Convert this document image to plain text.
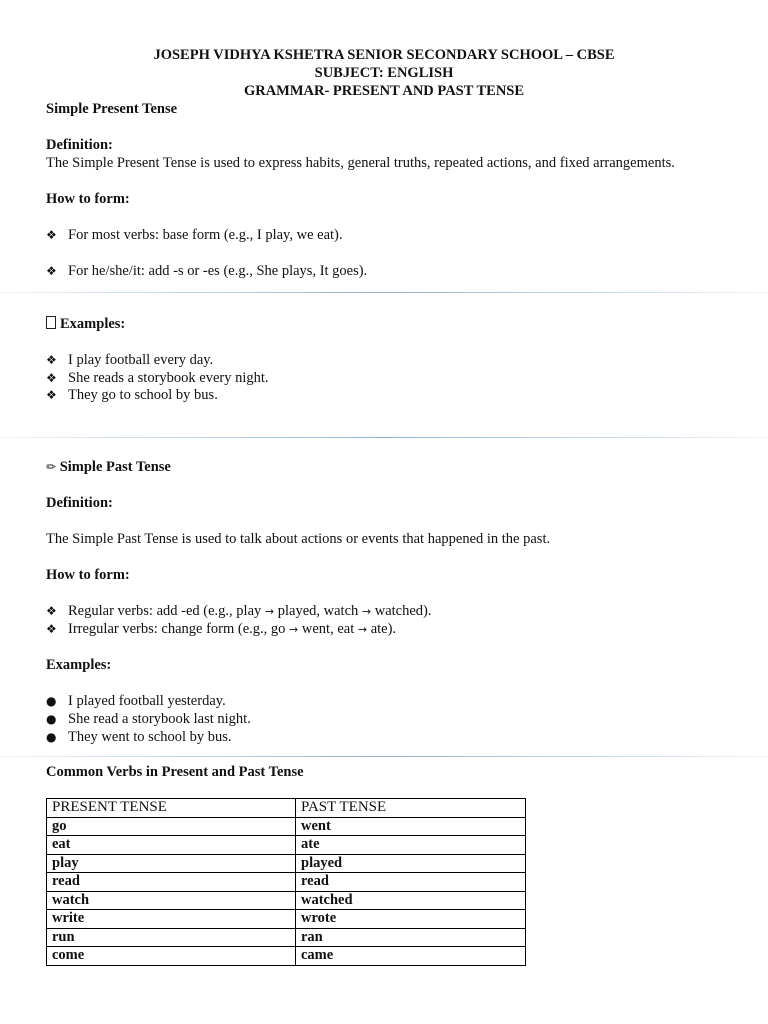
JOSEPH VIDHYA KSHETRA SENIOR SECONDARY SCHOOL – CBSE
SUBJECT: ENGLISH
GRAMMAR- PRESENT AND PAST TENSE
Simple Present Tense
Definition:
The Simple Present Tense is used to express habits, general truths, repeated actions, and fixed arrangements.
How to form:
❖ For most verbs: base form (e.g., I play, we eat).
❖ For he/she/it: add -s or -es (e.g., She plays, It goes).
Examples:
❖ I play football every day.
❖ She reads a storybook every night.
❖ They go to school by bus.
✏ Simple Past Tense
Definition:
The Simple Past Tense is used to talk about actions or events that happened in the past.
How to form:
❖ Regular verbs: add -ed (e.g., play → played, watch → watched).
❖ Irregular verbs: change form (e.g., go → went, eat → ate).
Examples:
● I played football yesterday.
● She read a storybook last night.
● They went to school by bus.
Common Verbs in Present and Past Tense
PRESENT TENSE	PAST TENSE
go	went
eat	ate
play	played
read	read
watch	watched
write	wrote
run	ran
come	came
